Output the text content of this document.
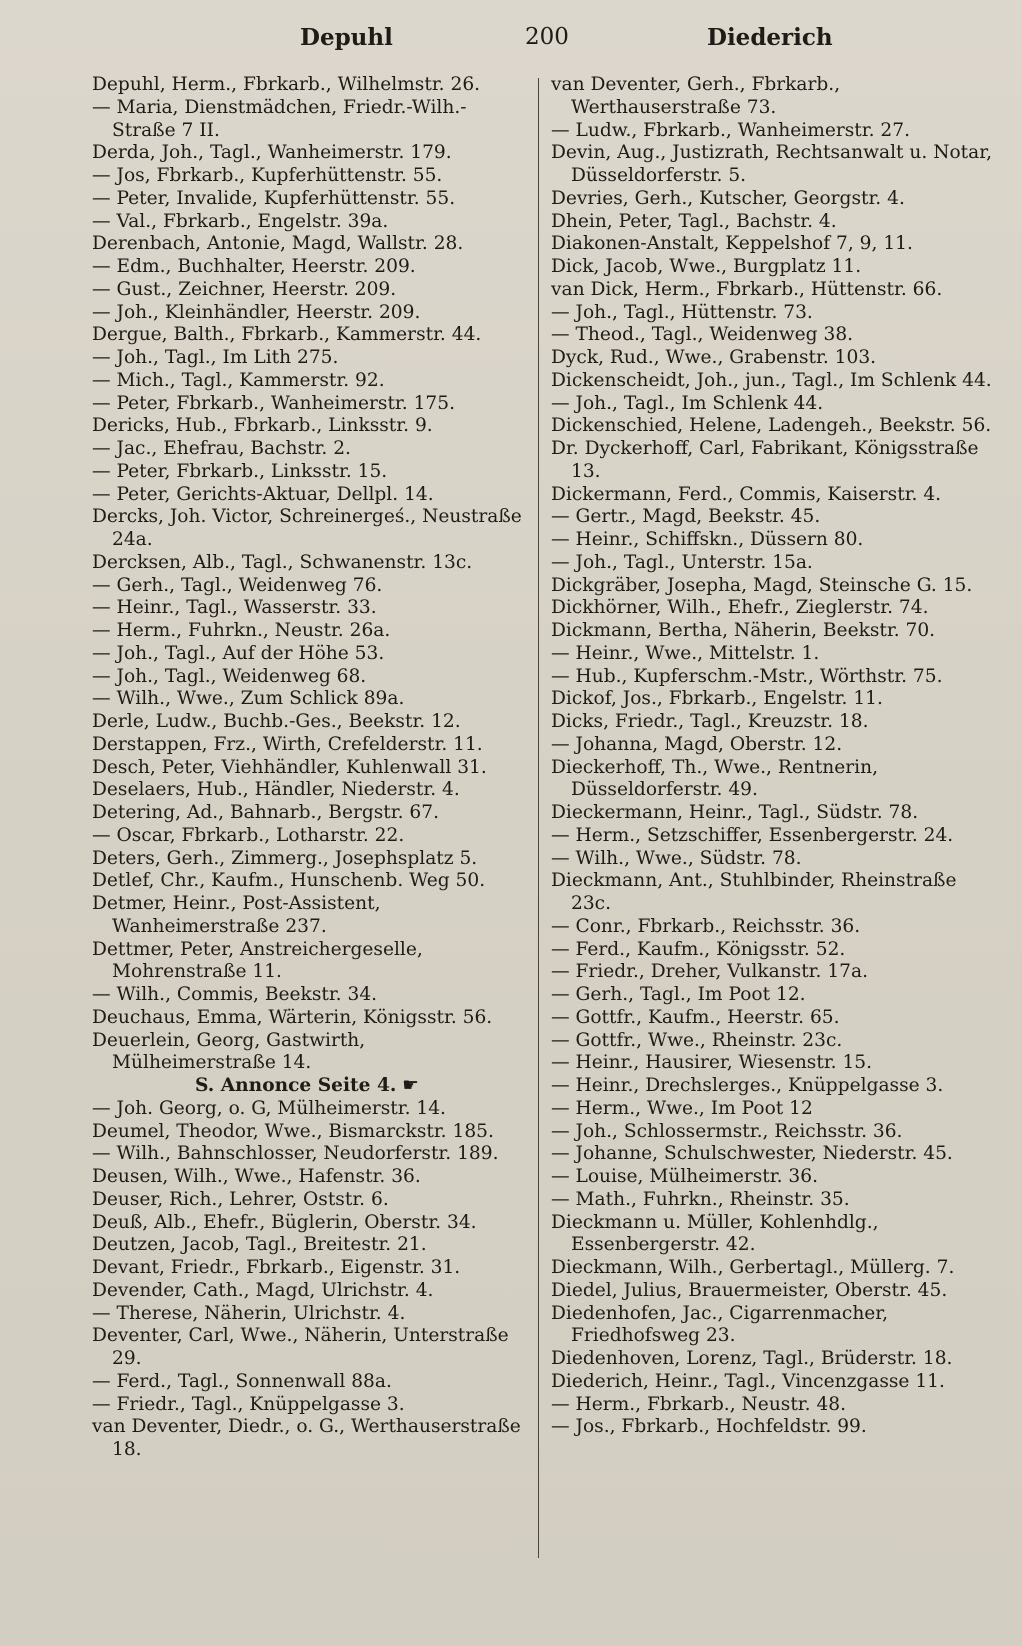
Depuhl	200	Diederich
Depuhl, Herm., Fbrkarb., Wilhelmstr. 26.
— Maria, Dienstmädchen, Friedr.-Wilh.-Straße 7 II.
Derda, Joh., Tagl., Wanheimerstr. 179.
— Jos, Fbrkarb., Kupferhüttenstr. 55.
— Peter, Invalide, Kupferhüttenstr. 55.
— Val., Fbrkarb., Engelstr. 39a.
Derenbach, Antonie, Magd, Wallstr. 28.
— Edm., Buchhalter, Heerstr. 209.
— Gust., Zeichner, Heerstr. 209.
— Joh., Kleinhändler, Heerstr. 209.
Dergue, Balth., Fbrkarb., Kammerstr. 44.
— Joh., Tagl., Im Lith 275.
— Mich., Tagl., Kammerstr. 92.
— Peter, Fbrkarb., Wanheimerstr. 175.
Dericks, Hub., Fbrkarb., Linksstr. 9.
— Jac., Ehefrau, Bachstr. 2.
— Peter, Fbrkarb., Linksstr. 15.
— Peter, Gerichts-Aktuar, Dellpl. 14.
Dercks, Joh. Victor, Schreinergeś., Neustraße 24a.
Dercksen, Alb., Tagl., Schwanenstr. 13c.
— Gerh., Tagl., Weidenweg 76.
— Heinr., Tagl., Wasserstr. 33.
— Herm., Fuhrkn., Neustr. 26a.
— Joh., Tagl., Auf der Höhe 53.
— Joh., Tagl., Weidenweg 68.
— Wilh., Wwe., Zum Schlick 89a.
Derle, Ludw., Buchb.-Ges., Beekstr. 12.
Derstappen, Frz., Wirth, Crefelderstr. 11.
Desch, Peter, Viehhändler, Kuhlenwall 31.
Deselaers, Hub., Händler, Niederstr. 4.
Detering, Ad., Bahnarb., Bergstr. 67.
— Oscar, Fbrkarb., Lotharstr. 22.
Deters, Gerh., Zimmerg., Josephsplatz 5.
Detlef, Chr., Kaufm., Hunschenb. Weg 50.
Detmer, Heinr., Post-Assistent, Wanheimerstraße 237.
Dettmer, Peter, Anstreichergeselle, Mohrenstraße 11.
— Wilh., Commis, Beekstr. 34.
Deuchaus, Emma, Wärterin, Königsstr. 56.
Deuerlein, Georg, Gastwirth, Mülheimerstraße 14.
S. Annonce Seite 4. ☛
— Joh. Georg, o. G, Mülheimerstr. 14.
Deumel, Theodor, Wwe., Bismarckstr. 185.
— Wilh., Bahnschlosser, Neudorferstr. 189.
Deusen, Wilh., Wwe., Hafenstr. 36.
Deuser, Rich., Lehrer, Oststr. 6.
Deuß, Alb., Ehefr., Büglerin, Oberstr. 34.
Deutzen, Jacob, Tagl., Breitestr. 21.
Devant, Friedr., Fbrkarb., Eigenstr. 31.
Devender, Cath., Magd, Ulrichstr. 4.
— Therese, Näherin, Ulrichstr. 4.
Deventer, Carl, Wwe., Näherin, Unterstraße 29.
— Ferd., Tagl., Sonnenwall 88a.
— Friedr., Tagl., Knüppelgasse 3.
van Deventer, Diedr., o. G., Werthauserstraße 18.
van Deventer, Gerh., Fbrkarb., Werthauserstraße 73.
— Ludw., Fbrkarb., Wanheimerstr. 27.
Devin, Aug., Justizrath, Rechtsanwalt u. Notar, Düsseldorferstr. 5.
Devries, Gerh., Kutscher, Georgstr. 4.
Dhein, Peter, Tagl., Bachstr. 4.
Diakonen-Anstalt, Keppelshof 7, 9, 11.
Dick, Jacob, Wwe., Burgplatz 11.
van Dick, Herm., Fbrkarb., Hüttenstr. 66.
— Joh., Tagl., Hüttenstr. 73.
— Theod., Tagl., Weidenweg 38.
Dyck, Rud., Wwe., Grabenstr. 103.
Dickenscheidt, Joh., jun., Tagl., Im Schlenk 44.
— Joh., Tagl., Im Schlenk 44.
Dickenschied, Helene, Ladengeh., Beekstr. 56.
Dr. Dyckerhoff, Carl, Fabrikant, Königsstraße 13.
Dickermann, Ferd., Commis, Kaiserstr. 4.
— Gertr., Magd, Beekstr. 45.
— Heinr., Schiffskn., Düssern 80.
— Joh., Tagl., Unterstr. 15a.
Dickgräber, Josepha, Magd, Steinsche G. 15.
Dickhörner, Wilh., Ehefr., Zieglerstr. 74.
Dickmann, Bertha, Näherin, Beekstr. 70.
— Heinr., Wwe., Mittelstr. 1.
— Hub., Kupferschm.-Mstr., Wörthstr. 75.
Dickof, Jos., Fbrkarb., Engelstr. 11.
Dicks, Friedr., Tagl., Kreuzstr. 18.
— Johanna, Magd, Oberstr. 12.
Dieckerhoff, Th., Wwe., Rentnerin, Düsseldorferstr. 49.
Dieckermann, Heinr., Tagl., Südstr. 78.
— Herm., Setzschiffer, Essenbergerstr. 24.
— Wilh., Wwe., Südstr. 78.
Dieckmann, Ant., Stuhlbinder, Rheinstraße 23c.
— Conr., Fbrkarb., Reichsstr. 36.
— Ferd., Kaufm., Königsstr. 52.
— Friedr., Dreher, Vulkanstr. 17a.
— Gerh., Tagl., Im Poot 12.
— Gottfr., Kaufm., Heerstr. 65.
— Gottfr., Wwe., Rheinstr. 23c.
— Heinr., Hausirer, Wiesenstr. 15.
— Heinr., Drechslerges., Knüppelgasse 3.
— Herm., Wwe., Im Poot 12
— Joh., Schlossermstr., Reichsstr. 36.
— Johanne, Schulschwester, Niederstr. 45.
— Louise, Mülheimerstr. 36.
— Math., Fuhrkn., Rheinstr. 35.
Dieckmann u. Müller, Kohlenhdlg., Essenbergerstr. 42.
Dieckmann, Wilh., Gerbertagl., Müllerg. 7.
Diedel, Julius, Brauermeister, Oberstr. 45.
Diedenhofen, Jac., Cigarrenmacher, Friedhofsweg 23.
Diedenhoven, Lorenz, Tagl., Brüderstr. 18.
Diederich, Heinr., Tagl., Vincenzgasse 11.
— Herm., Fbrkarb., Neustr. 48.
— Jos., Fbrkarb., Hochfeldstr. 99.
